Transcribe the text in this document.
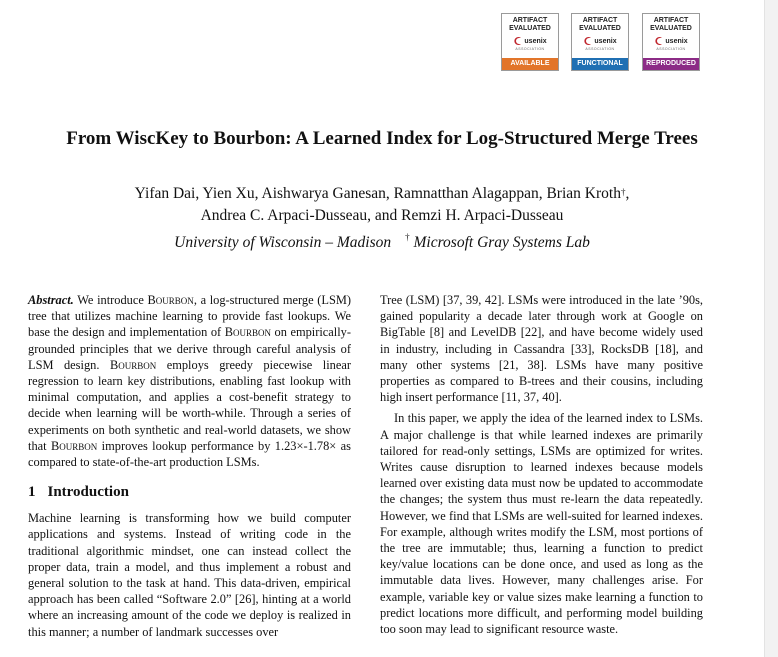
ARTIFACT
EVALUATED
usenix
ASSOCIATION
AVAILABLE
ARTIFACT
EVALUATED
usenix
ASSOCIATION
FUNCTIONAL
ARTIFACT
EVALUATED
usenix
ASSOCIATION
REPRODUCED
From WiscKey to Bourbon: A Learned Index for Log-Structured Merge Trees
Yifan Dai, Yien Xu, Aishwarya Ganesan, Ramnatthan Alagappan, Brian Kroth†,
Andrea C. Arpaci-Dusseau, and Remzi H. Arpaci-Dusseau
University of Wisconsin – Madison † Microsoft Gray Systems Lab

Abstract. We introduce Bourbon, a log-structured merge (LSM) tree that utilizes machine learning to provide fast lookups. We base the design and implementation of Bourbon on empirically-grounded principles that we derive through careful analysis of LSM design. Bourbon employs greedy piecewise linear regression to learn key distributions, enabling fast lookup with minimal computation, and applies a cost-benefit strategy to decide when learning will be worth-while. Through a series of experiments on both synthetic and real-world datasets, we show that Bourbon improves lookup performance by 1.23×-1.78× as compared to state-of-the-art production LSMs.

1 Introduction

Machine learning is transforming how we build computer applications and systems. Instead of writing code in the traditional algorithmic mindset, one can instead collect the proper data, train a model, and thus implement a robust and general solution to the task at hand. This data-driven, empirical approach has been called “Software 2.0” [26], hinting at a world where an increasing amount of the code we deploy is realized in this manner; a number of landmark successes over

Tree (LSM) [37, 39, 42]. LSMs were introduced in the late ’90s, gained popularity a decade later through work at Google on BigTable [8] and LevelDB [22], and have become widely used in industry, including in Cassandra [33], RocksDB [18], and many other systems [21, 38]. LSMs have many positive properties as compared to B-trees and their cousins, including high insert performance [11, 37, 40].

In this paper, we apply the idea of the learned index to LSMs. A major challenge is that while learned indexes are primarily tailored for read-only settings, LSMs are optimized for writes. Writes cause disruption to learned indexes because models learned over existing data must now be updated to accommodate the changes; the system thus must re-learn the data repeatedly. However, we find that LSMs are well-suited for learned indexes. For example, although writes modify the LSM, most portions of the tree are immutable; thus, learning a function to predict key/value locations can be done once, and used as long as the immutable data lives. However, many challenges arise. For example, variable key or value sizes make learning a function to predict locations more difficult, and performing model building too soon may lead to significant resource waste.
